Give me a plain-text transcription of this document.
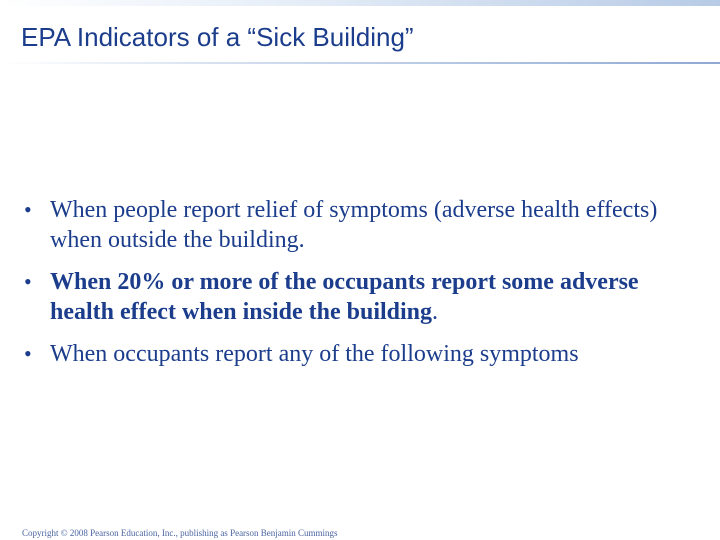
EPA Indicators of a “Sick Building”
• When people report relief of symptoms (adverse health effects) when outside the building.
• When 20% or more of the occupants report some adverse health effect when inside the building.
• When occupants report any of the following symptoms
Copyright © 2008 Pearson Education, Inc., publishing as Pearson Benjamin Cummings
